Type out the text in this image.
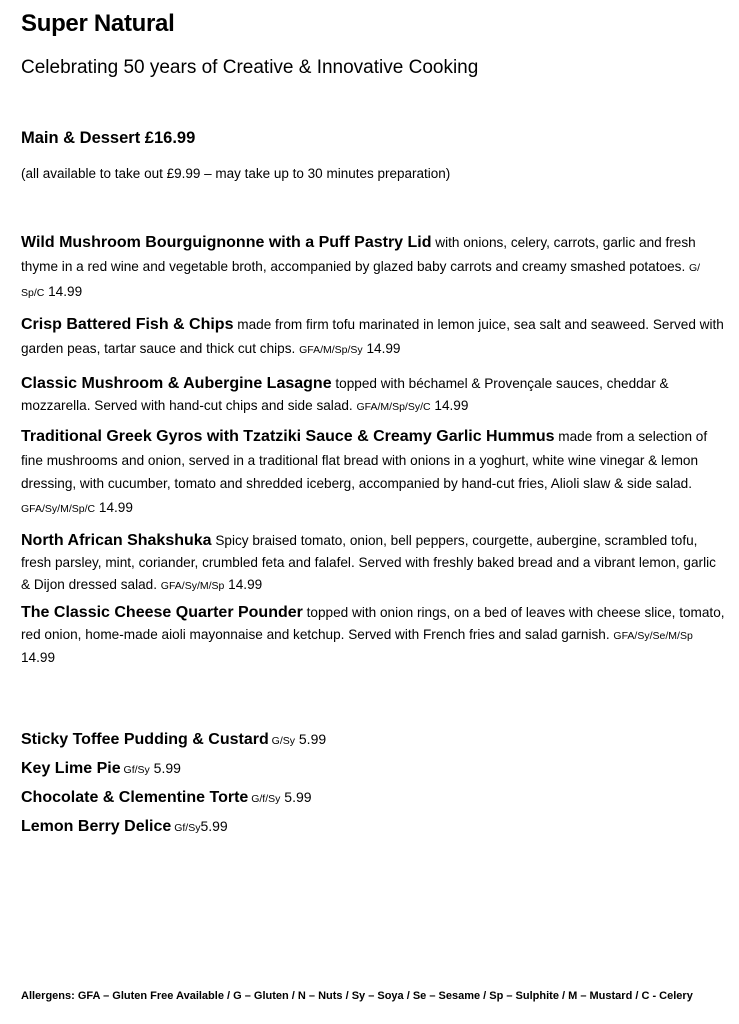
Super Natural
Celebrating 50 years of Creative & Innovative Cooking
Main & Dessert £16.99
(all available to take out £9.99 – may take up to 30 minutes preparation)
Wild Mushroom Bourguignonne with a Puff Pastry Lid with onions, celery, carrots, garlic and fresh thyme in a red wine and vegetable broth, accompanied by glazed baby carrots and creamy smashed potatoes. G/ Sp/C 14.99
Crisp Battered Fish & Chips made from firm tofu marinated in lemon juice, sea salt and seaweed. Served with garden peas, tartar sauce and thick cut chips. GFA/M/Sp/Sy 14.99
Classic Mushroom & Aubergine Lasagne topped with béchamel & Provençale sauces, cheddar & mozzarella. Served with hand-cut chips and side salad. GFA/M/Sp/Sy/C 14.99
Traditional Greek Gyros with Tzatziki Sauce & Creamy Garlic Hummus made from a selection of fine mushrooms and onion, served in a traditional flat bread with onions in a yoghurt, white wine vinegar & lemon dressing, with cucumber, tomato and shredded iceberg, accompanied by hand-cut fries, Alioli slaw & side salad. GFA/Sy/M/Sp/C 14.99
North African Shakshuka Spicy braised tomato, onion, bell peppers, courgette, aubergine, scrambled tofu, fresh parsley, mint, coriander, crumbled feta and falafel. Served with freshly baked bread and a vibrant lemon, garlic & Dijon dressed salad. GFA/Sy/M/Sp 14.99
The Classic Cheese Quarter Pounder topped with onion rings, on a bed of leaves with cheese slice, tomato, red onion, home-made aioli mayonnaise and ketchup. Served with French fries and salad garnish. GFA/Sy/Se/M/Sp 14.99
Sticky Toffee Pudding & Custard G/Sy 5.99
Key Lime Pie Gf/Sy 5.99
Chocolate & Clementine Torte G/f/Sy 5.99
Lemon Berry Delice Gf/Sy5.99
Allergens: GFA – Gluten Free Available / G – Gluten / N – Nuts / Sy – Soya / Se – Sesame / Sp – Sulphite / M – Mustard / C - Celery
